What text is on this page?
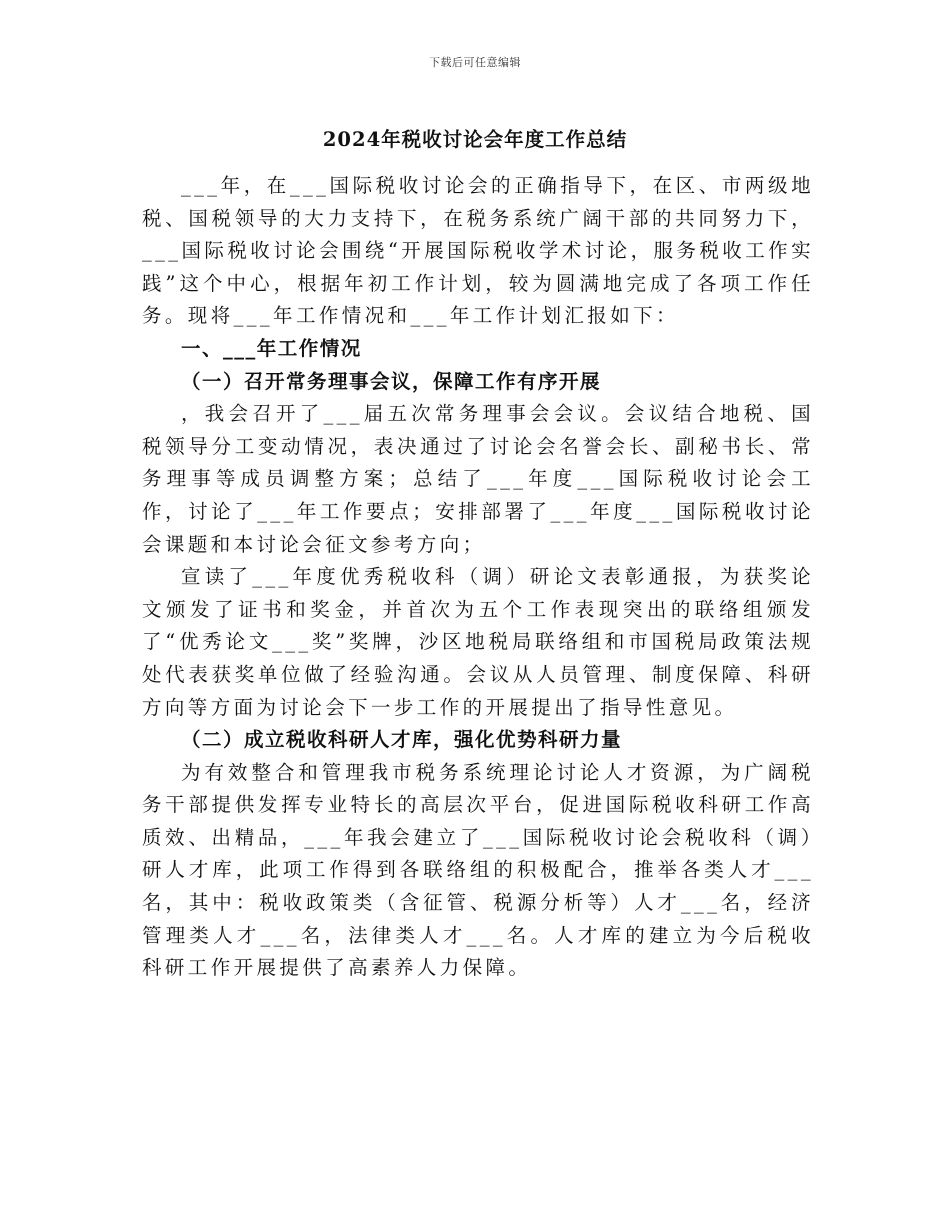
下载后可任意编辑
2024年税收讨论会年度工作总结

___年，在___国际税收讨论会的正确指导下，在区、市两级地税、国税领导的大力支持下，在税务系统广阔干部的共同努力下，___国际税收讨论会围绕“开展国际税收学术讨论，服务税收工作实践”这个中心，根据年初工作计划，较为圆满地完成了各项工作任务。现将___年工作情况和___年工作计划汇报如下：

一、___年工作情况

（一）召开常务理事会议，保障工作有序开展

，我会召开了___届五次常务理事会会议。会议结合地税、国税领导分工变动情况，表决通过了讨论会名誉会长、副秘书长、常务理事等成员调整方案；总结了___年度___国际税收讨论会工作，讨论了___年工作要点；安排部署了___年度___国际税收讨论会课题和本讨论会征文参考方向；

宣读了___年度优秀税收科（调）研论文表彰通报，为获奖论文颁发了证书和奖金，并首次为五个工作表现突出的联络组颁发了“优秀论文___奖”奖牌，沙区地税局联络组和市国税局政策法规处代表获奖单位做了经验沟通。会议从人员管理、制度保障、科研方向等方面为讨论会下一步工作的开展提出了指导性意见。

（二）成立税收科研人才库，强化优势科研力量

为有效整合和管理我市税务系统理论讨论人才资源，为广阔税务干部提供发挥专业特长的高层次平台，促进国际税收科研工作高质效、出精品，___年我会建立了___国际税收讨论会税收科（调）研人才库，此项工作得到各联络组的积极配合，推举各类人才___名，其中：税收政策类（含征管、税源分析等）人才___名，经济管理类人才___名，法律类人才___名。人才库的建立为今后税收科研工作开展提供了高素养人力保障。
